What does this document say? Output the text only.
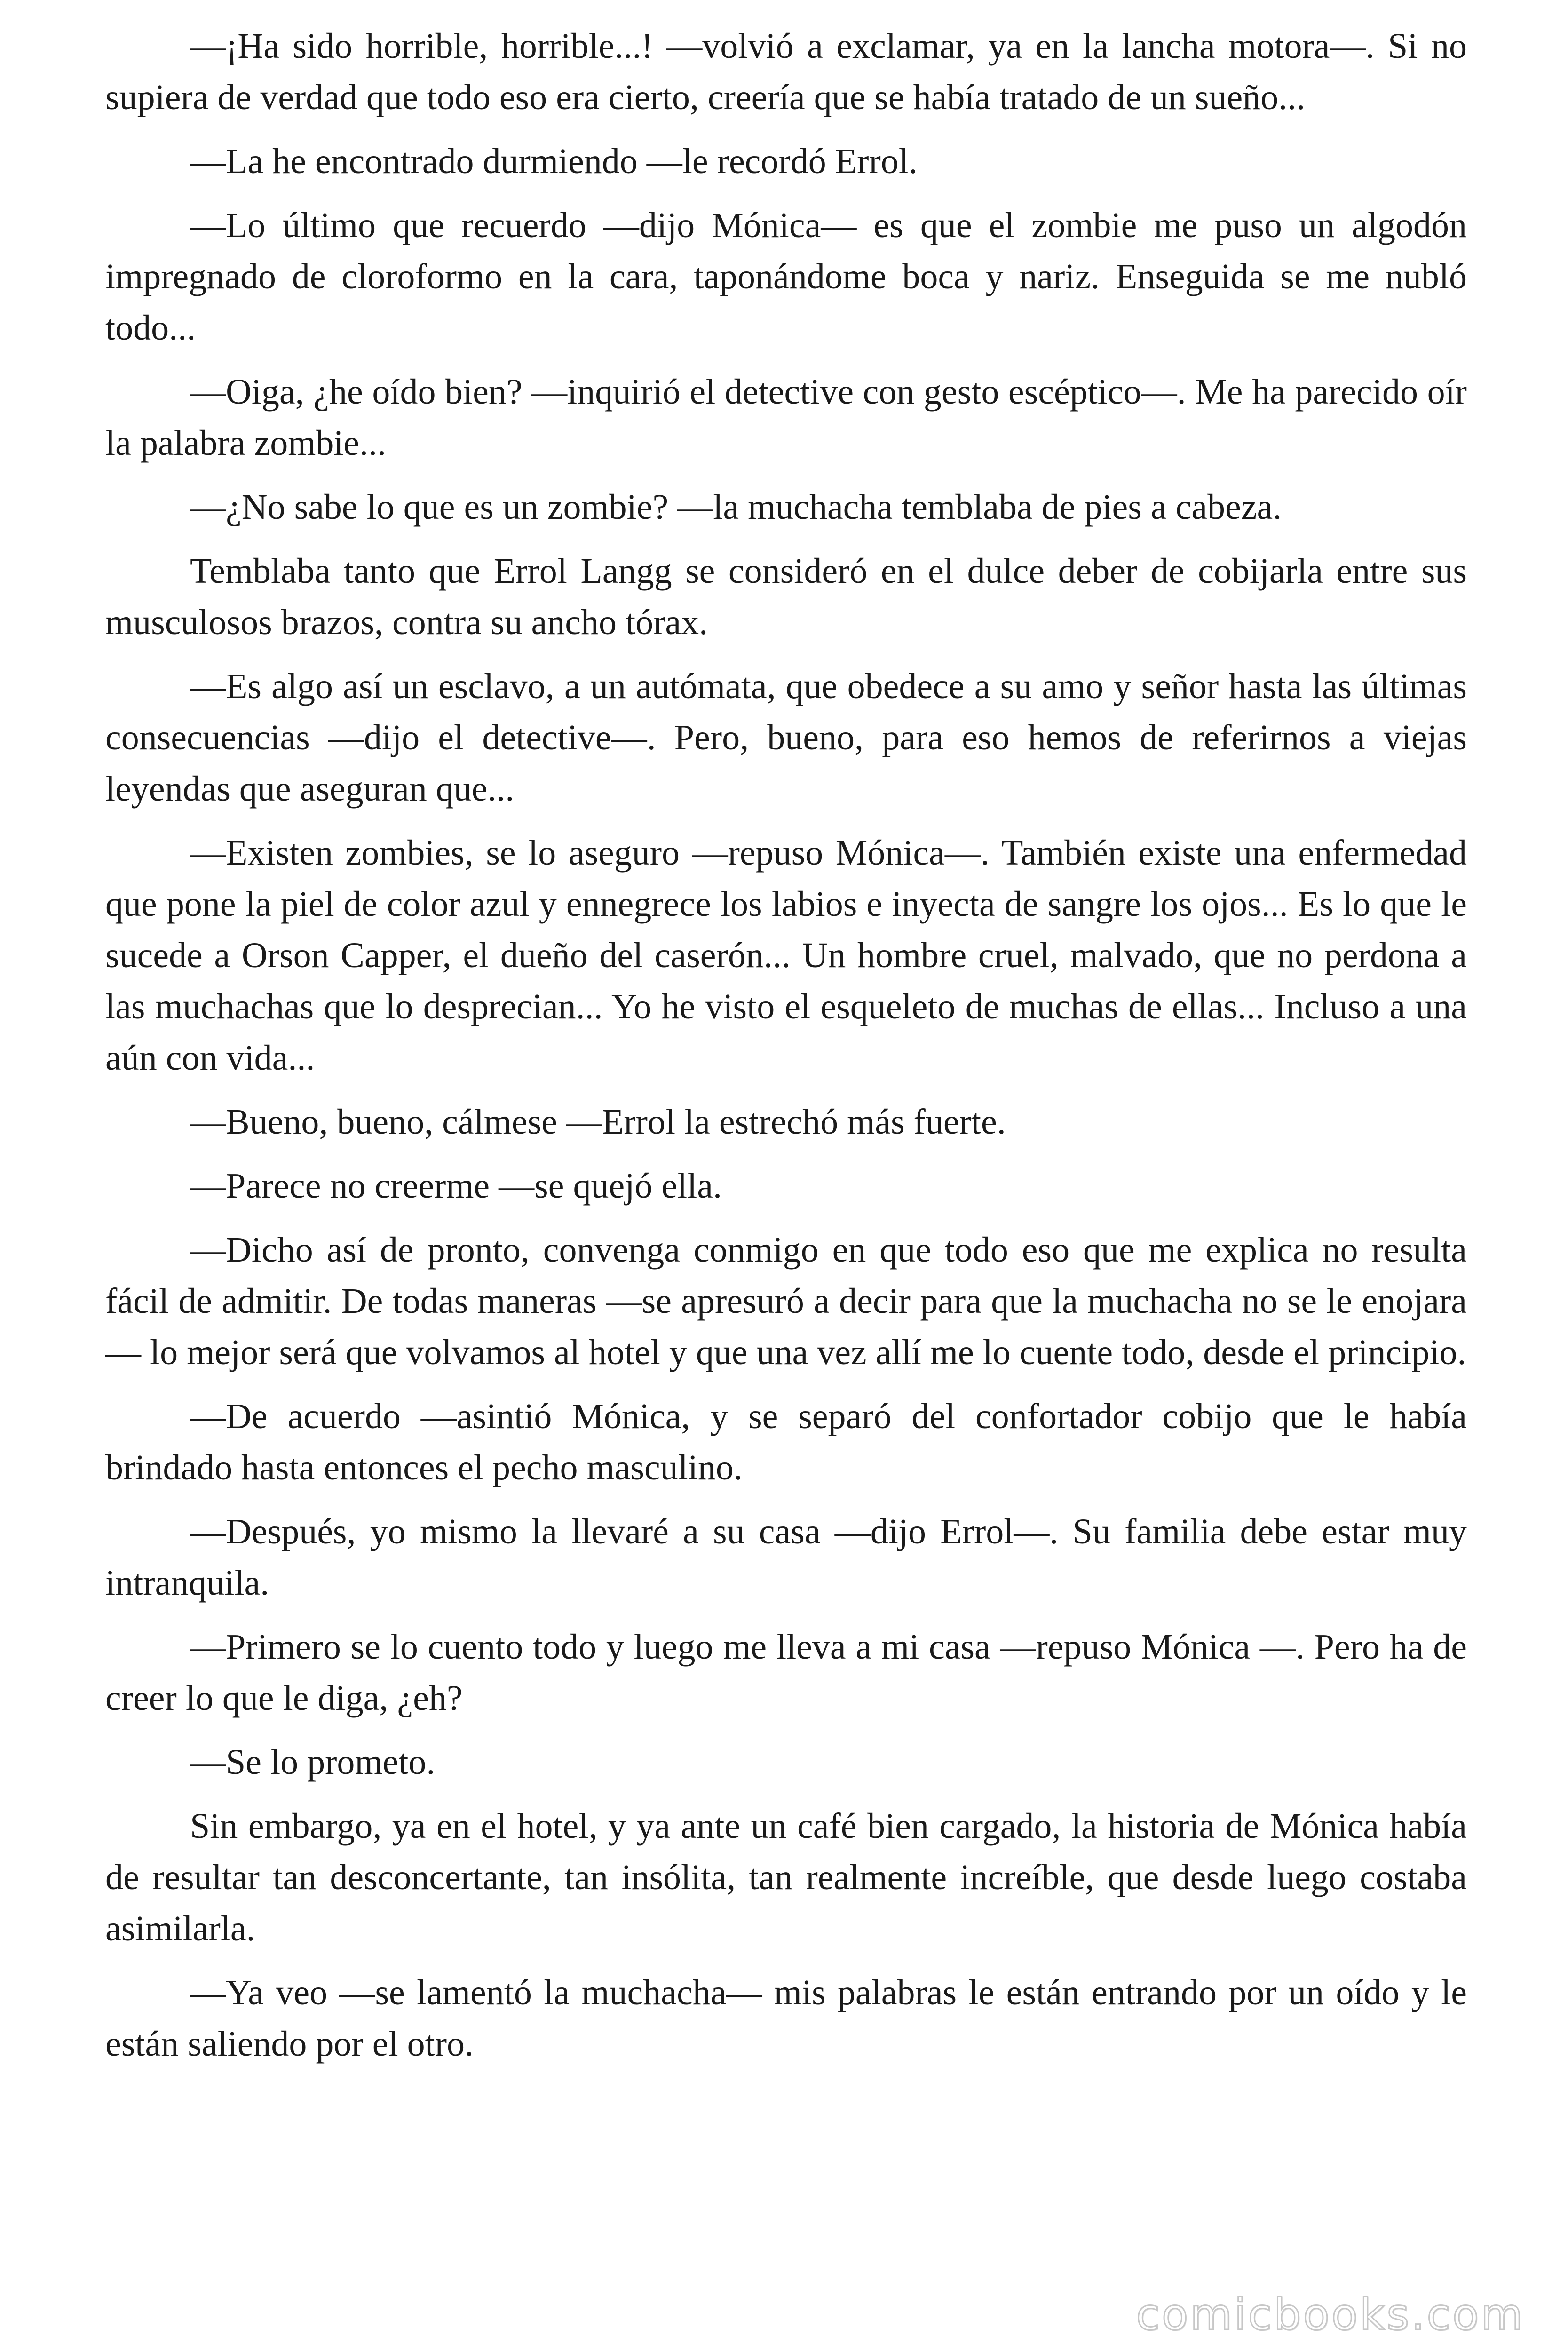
—¡Ha sido horrible, horrible...! —volvió a exclamar, ya en la lancha motora—. Si no supiera de verdad que todo eso era cierto, creería que se había tratado de un sueño...

—La he encontrado durmiendo —le recordó Errol.

—Lo último que recuerdo —dijo Mónica— es que el zombie me puso un algodón impregnado de cloroformo en la cara, taponándome boca y nariz. Enseguida se me nubló todo...

—Oiga, ¿he oído bien? —inquirió el detective con gesto escéptico—. Me ha parecido oír la palabra zombie...

—¿No sabe lo que es un zombie? —la muchacha temblaba de pies a cabeza.

Temblaba tanto que Errol Langg se consideró en el dulce deber de cobijarla entre sus musculosos brazos, contra su ancho tórax.

—Es algo así un esclavo, a un autómata, que obedece a su amo y señor hasta las últimas consecuencias —dijo el detective—. Pero, bueno, para eso hemos de referirnos a viejas leyendas que aseguran que...

—Existen zombies, se lo aseguro —repuso Mónica—. También existe una enfermedad que pone la piel de color azul y ennegrece los labios e inyecta de sangre los ojos... Es lo que le sucede a Orson Capper, el dueño del caserón... Un hombre cruel, malvado, que no perdona a las muchachas que lo desprecian... Yo he visto el esqueleto de muchas de ellas... Incluso a una aún con vida...

—Bueno, bueno, cálmese —Errol la estrechó más fuerte.

—Parece no creerme —se quejó ella.

—Dicho así de pronto, convenga conmigo en que todo eso que me explica no resulta fácil de admitir. De todas maneras —se apresuró a decir para que la muchacha no se le enojara— lo mejor será que volvamos al hotel y que una vez allí me lo cuente todo, desde el principio.

—De acuerdo —asintió Mónica, y se separó del confortador cobijo que le había brindado hasta entonces el pecho masculino.

—Después, yo mismo la llevaré a su casa —dijo Errol—. Su familia debe estar muy intranquila.

—Primero se lo cuento todo y luego me lleva a mi casa —repuso Mónica —. Pero ha de creer lo que le diga, ¿eh?

—Se lo prometo.

Sin embargo, ya en el hotel, y ya ante un café bien cargado, la historia de Mónica había de resultar tan desconcertante, tan insólita, tan realmente increíble, que desde luego costaba asimilarla.

—Ya veo —se lamentó la muchacha— mis palabras le están entrando por un oído y le están saliendo por el otro.

comicbooks.com
